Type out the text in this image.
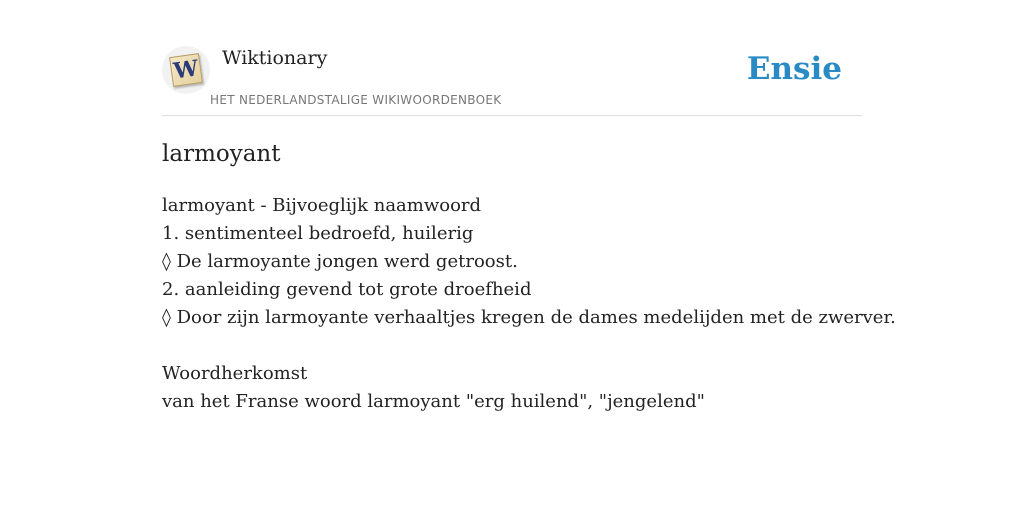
W Wiktionary
HET NEDERLANDSTALIGE WIKIWOORDENBOEK
Ensie
larmoyant
larmoyant - Bijvoeglijk naamwoord
1. sentimenteel bedroefd, huilerig
◊ De larmoyante jongen werd getroost.
2. aanleiding gevend tot grote droefheid
◊ Door zijn larmoyante verhaaltjes kregen de dames medelijden met de zwerver.
Woordherkomst
van het Franse woord larmoyant "erg huilend", "jengelend"
